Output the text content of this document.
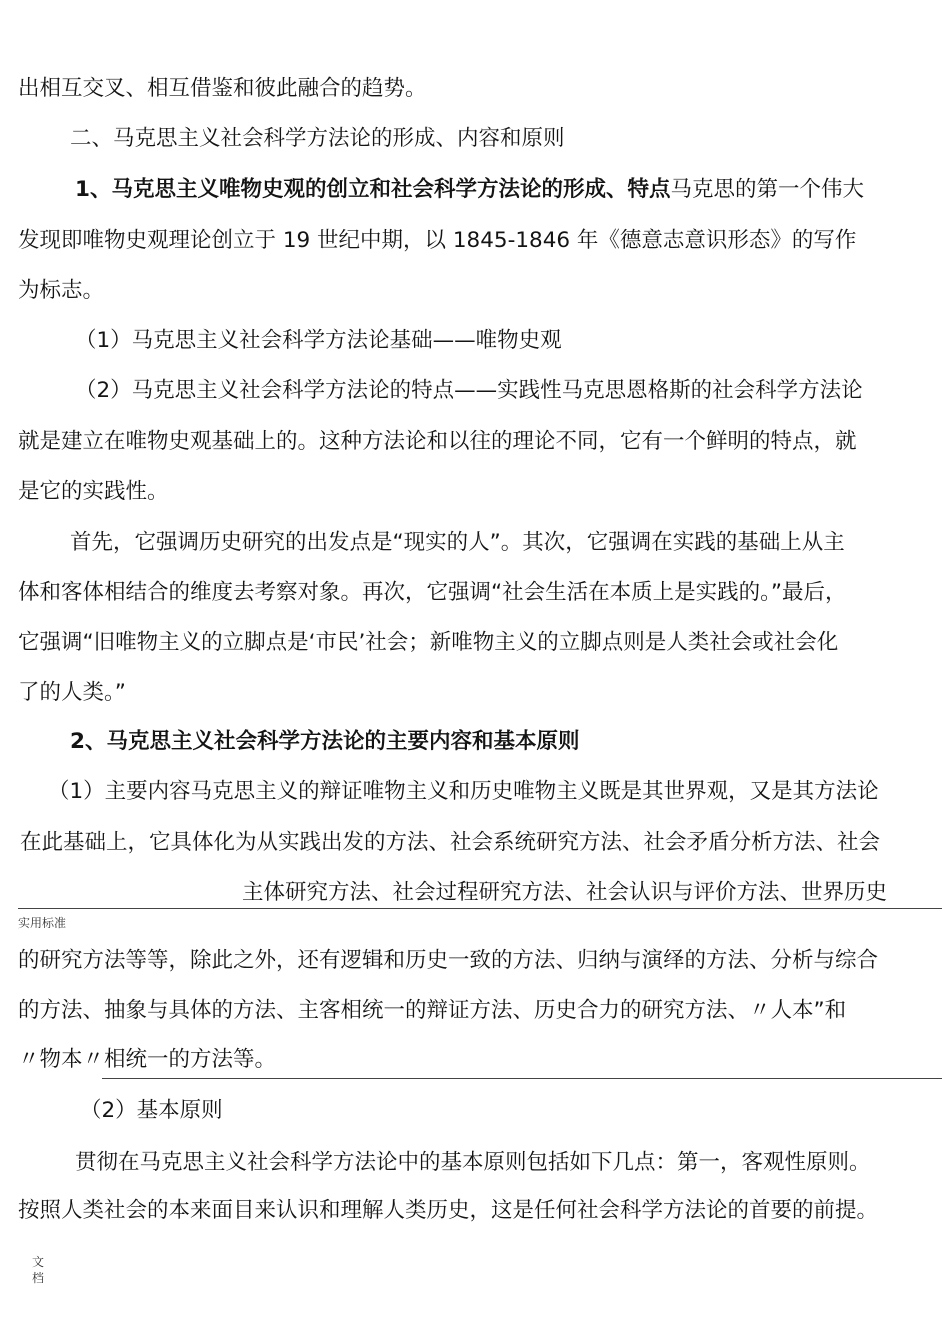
出相互交叉、相互借鉴和彼此融合的趋势。

二、马克思主义社会科学方法论的形成、内容和原则

1、马克思主义唯物史观的创立和社会科学方法论的形成、特点马克思的第一个伟大

发现即唯物史观理论创立于 19 世纪中期，以 1845-1846 年《德意志意识形态》的写作

为标志。

（1）马克思主义社会科学方法论基础——唯物史观

（2）马克思主义社会科学方法论的特点——实践性马克思恩格斯的社会科学方法论

就是建立在唯物史观基础上的。这种方法论和以往的理论不同，它有一个鲜明的特点，就

是它的实践性。

首先，它强调历史研究的出发点是“现实的人”。其次，它强调在实践的基础上从主

体和客体相结合的维度去考察对象。再次，它强调“社会生活在本质上是实践的。”最后，

它强调“旧唯物主义的立脚点是‘市民’社会；新唯物主义的立脚点则是人类社会或社会化

了的人类。”

2、马克思主义社会科学方法论的主要内容和基本原则

（1）主要内容马克思主义的辩证唯物主义和历史唯物主义既是其世界观，又是其方法论

在此基础上，它具体化为从实践出发的方法、社会系统研究方法、社会矛盾分析方法、社会

主体研究方法、社会过程研究方法、社会认识与评价方法、世界历史

实用标准

的研究方法等等，除此之外，还有逻辑和历史一致的方法、归纳与演绎的方法、分析与综合

的方法、抽象与具体的方法、主客相统一的辩证方法、历史合力的研究方法、〃人本”和

〃物本〃相统一的方法等。

（2）基本原则

贯彻在马克思主义社会科学方法论中的基本原则包括如下几点：第一，客观性原则。

按照人类社会的本来面目来认识和理解人类历史，这是任何社会科学方法论的首要的前提。

文档
